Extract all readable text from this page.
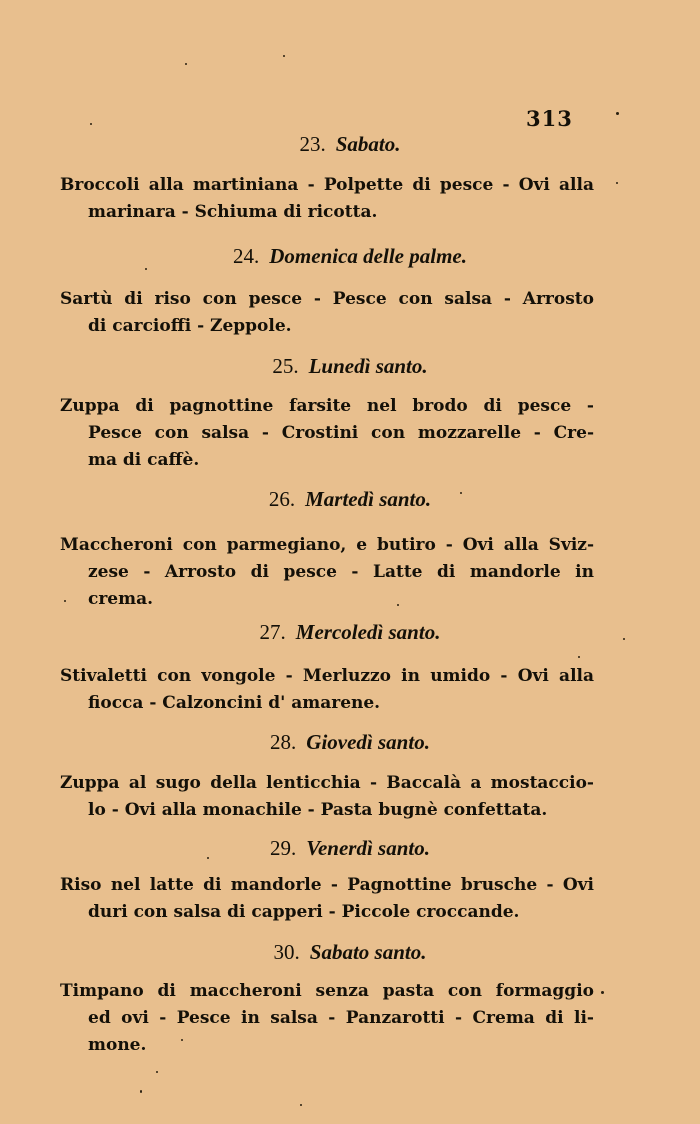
313
23. Sabato.
Broccoli alla martiniana - Polpette di pesce - Ovi alla
marinara - Schiuma di ricotta.
24. Domenica delle palme.
Sartù di riso con pesce - Pesce con salsa - Arrosto
di carcioffi - Zeppole.
25. Lunedì santo.
Zuppa di pagnottine farsite nel brodo di pesce -
Pesce con salsa - Crostini con mozzarelle - Cre-
ma di caffè.
26. Martedì santo.
Maccheroni con parmegiano, e butiro - Ovi alla Sviz-
zese - Arrosto di pesce - Latte di mandorle in
crema.
27. Mercoledì santo.
Stivaletti con vongole - Merluzzo in umido - Ovi alla
fiocca - Calzoncini d' amarene.
28. Giovedì santo.
Zuppa al sugo della lenticchia - Baccalà a mostacciо-
lo - Ovi alla monachile - Pasta bugnè confettata.
29. Venerdì santo.
Riso nel latte di mandorle - Pagnottine brusche - Ovi
duri con salsa di capperi - Piccole croccande.
30. Sabato santo.
Timpano di maccheroni senza pasta con formaggio
ed ovi - Pesce in salsa - Panzarotti - Crema di li-
mone.
